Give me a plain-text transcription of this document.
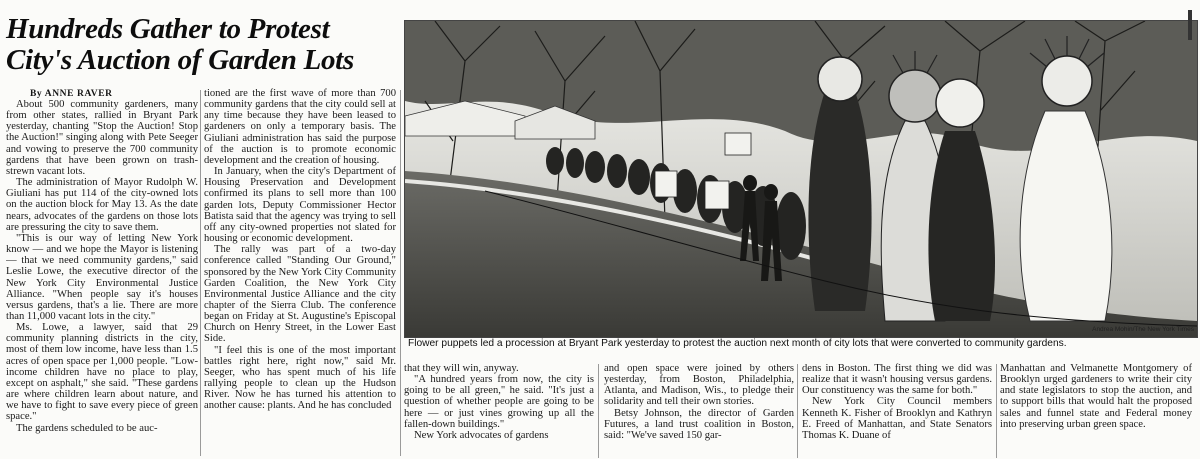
Hundreds Gather to Protest
City's Auction of Garden Lots
By ANNE RAVER

About 500 community gardeners, many from other states, rallied in Bryant Park yesterday, chanting "Stop the Auction! Stop the Auction!" singing along with Pete Seeger and vowing to preserve the 700 community gardens that have been grown on trash-strewn vacant lots.

The administration of Mayor Rudolph W. Giuliani has put 114 of the city-owned lots on the auction block for May 13. As the date nears, advocates of the gardens on those lots are pressuring the city to save them.

"This is our way of letting New York know — and we hope the Mayor is listening — that we need community gardens," said Leslie Lowe, the executive director of the New York City Environmental Justice Alliance. "When people say it's houses versus gardens, that's a lie. There are more than 11,000 vacant lots in the city."

Ms. Lowe, a lawyer, said that 29 community planning districts in the city, most of them low income, have less than 1.5 acres of open space per 1,000 people. "Low-income children have no place to play, except on asphalt," she said. "These gardens are where children learn about nature, and we have to fight to save every piece of green space."

The gardens scheduled to be auc-

tioned are the first wave of more than 700 community gardens that the city could sell at any time because they have been leased to gardeners on only a temporary basis. The Giuliani administration has said the purpose of the auction is to promote economic development and the creation of housing.

In January, when the city's Department of Housing Preservation and Development confirmed its plans to sell more than 100 garden lots, Deputy Commissioner Hector Batista said that the agency was trying to sell off any city-owned properties not slated for housing or economic development.

The rally was part of a two-day conference called "Standing Our Ground," sponsored by the New York City Community Garden Coalition, the New York City Environmental Justice Alliance and the city chapter of the Sierra Club. The conference began on Friday at St. Augustine's Episcopal Church on Henry Street, in the Lower East Side.

"I feel this is one of the most important battles right here, right now," said Mr. Seeger, who has spent much of his life rallying people to clean up the Hudson River. Now he has turned his attention to another cause: plants. And he has concluded

Andrea Mohin/The New York Times
Flower puppets led a procession at Bryant Park yesterday to protest the auction next month of city lots that were converted to community gardens.

that they will win, anyway.

"A hundred years from now, the city is going to be all green," he said. "It's just a question of whether people are going to be here — or just vines growing up all the fallen-down buildings."

New York advocates of gardens

and open space were joined by others yesterday, from Boston, Philadelphia, Atlanta, and Madison, Wis., to pledge their solidarity and tell their own stories.

Betsy Johnson, the director of Garden Futures, a land trust coalition in Boston, said: "We've saved 150 gar-

dens in Boston. The first thing we did was realize that it wasn't housing versus gardens. Our constituency was the same for both."

New York City Council members Kenneth K. Fisher of Brooklyn and Kathryn E. Freed of Manhattan, and State Senators Thomas K. Duane of

Manhattan and Velmanette Montgomery of Brooklyn urged gardeners to write their city and state legislators to stop the auction, and to support bills that would halt the proposed sales and funnel state and Federal money into preserving urban green space.
